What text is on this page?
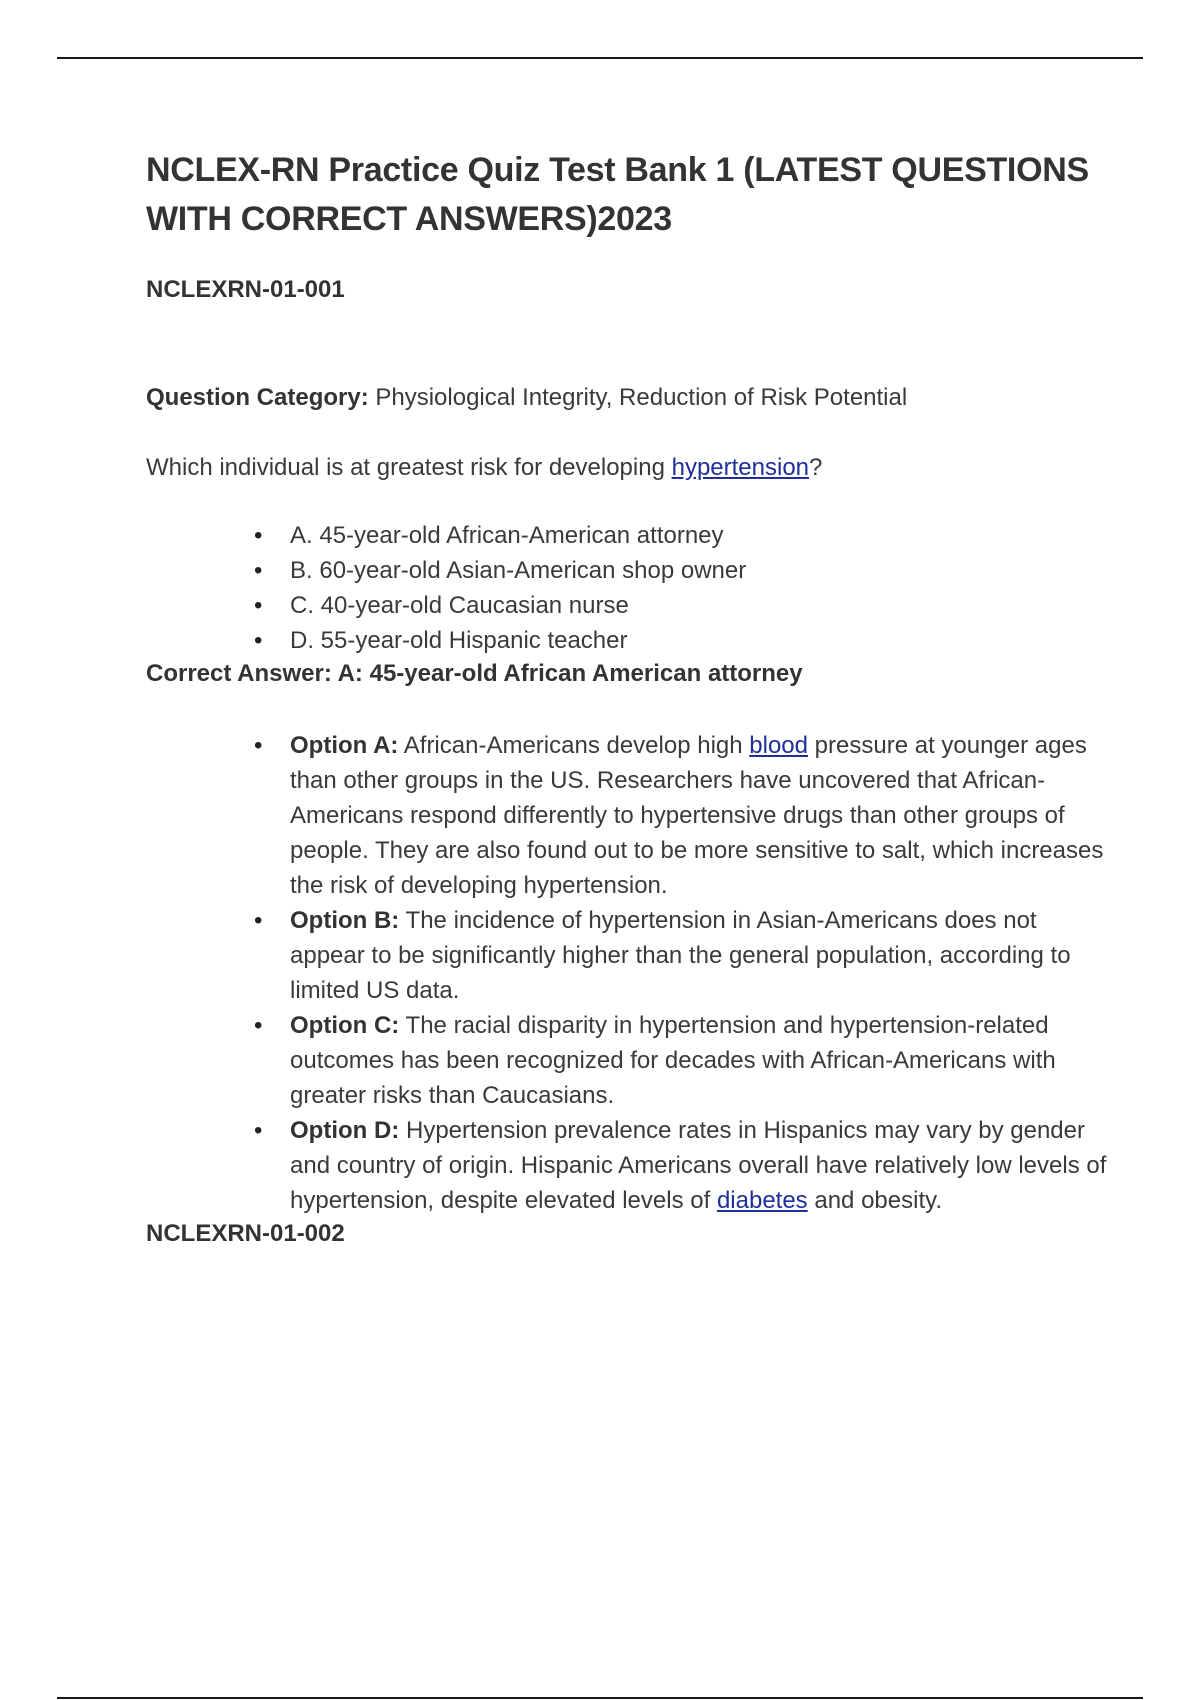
NCLEX-RN Practice Quiz Test Bank 1 (LATEST QUESTIONS WITH CORRECT ANSWERS)2023

NCLEXRN-01-001

Question Category: Physiological Integrity, Reduction of Risk Potential

Which individual is at greatest risk for developing hypertension?

• A. 45-year-old African-American attorney
• B. 60-year-old Asian-American shop owner
• C. 40-year-old Caucasian nurse
• D. 55-year-old Hispanic teacher

Correct Answer: A: 45-year-old African American attorney

• Option A: African-Americans develop high blood pressure at younger ages than other groups in the US. Researchers have uncovered that African-Americans respond differently to hypertensive drugs than other groups of people. They are also found out to be more sensitive to salt, which increases the risk of developing hypertension.
• Option B: The incidence of hypertension in Asian-Americans does not appear to be significantly higher than the general population, according to limited US data.
• Option C: The racial disparity in hypertension and hypertension-related outcomes has been recognized for decades with African-Americans with greater risks than Caucasians.
• Option D: Hypertension prevalence rates in Hispanics may vary by gender and country of origin. Hispanic Americans overall have relatively low levels of hypertension, despite elevated levels of diabetes and obesity.

NCLEXRN-01-002
